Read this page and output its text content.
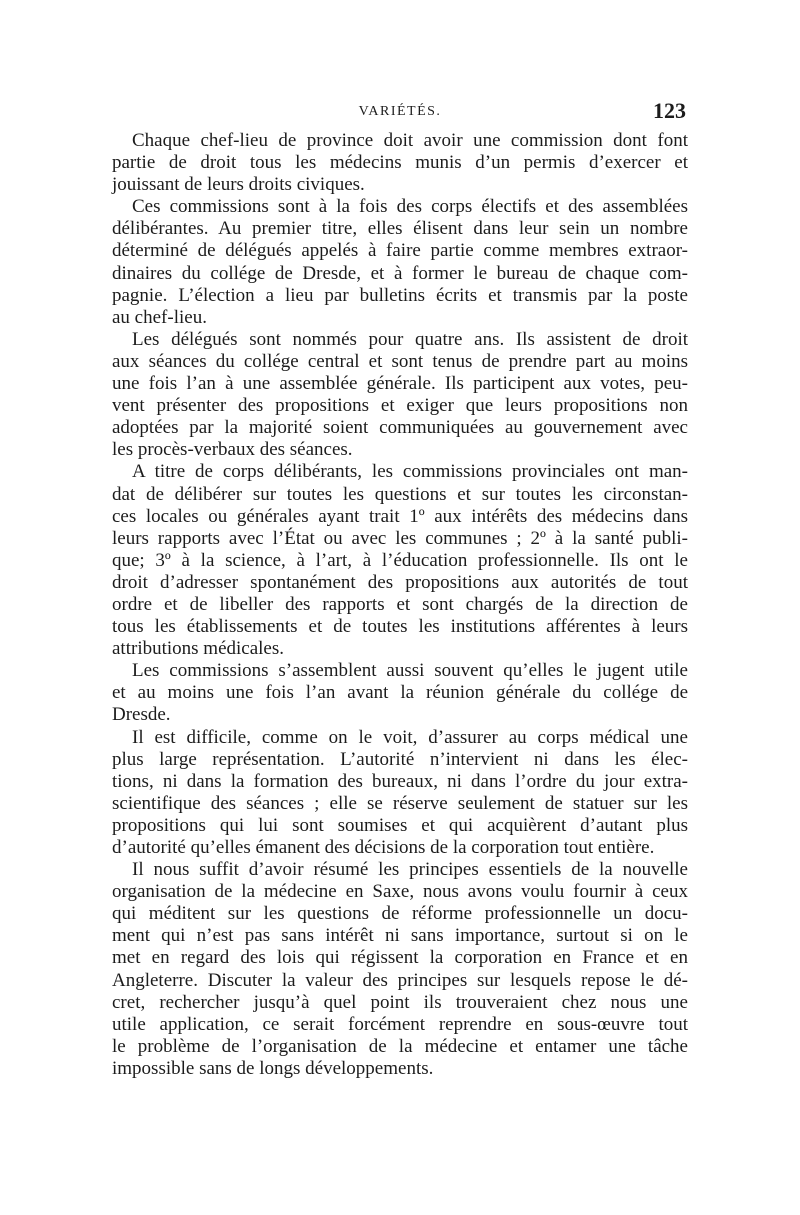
VARIÉTÉS.	123

Chaque chef-lieu de province doit avoir une commission dont font
partie de droit tous les médecins munis d’un permis d’exercer et
jouissant de leurs droits civiques.

Ces commissions sont à la fois des corps électifs et des assemblées
délibérantes. Au premier titre, elles élisent dans leur sein un nombre
déterminé de délégués appelés à faire partie comme membres extraor-
dinaires du collége de Dresde, et à former le bureau de chaque com-
pagnie. L’élection a lieu par bulletins écrits et transmis par la poste
au chef-lieu.

Les délégués sont nommés pour quatre ans. Ils assistent de droit
aux séances du collége central et sont tenus de prendre part au moins
une fois l’an à une assemblée générale. Ils participent aux votes, peu-
vent présenter des propositions et exiger que leurs propositions non
adoptées par la majorité soient communiquées au gouvernement avec
les procès-verbaux des séances.

A titre de corps délibérants, les commissions provinciales ont man-
dat de délibérer sur toutes les questions et sur toutes les circonstan-
ces locales ou générales ayant trait 1º aux intérêts des médecins dans
leurs rapports avec l’État ou avec les communes ; 2º à la santé publi-
que; 3º à la science, à l’art, à l’éducation professionnelle. Ils ont le
droit d’adresser spontanément des propositions aux autorités de tout
ordre et de libeller des rapports et sont chargés de la direction de
tous les établissements et de toutes les institutions afférentes à leurs
attributions médicales.

Les commissions s’assemblent aussi souvent qu’elles le jugent utile
et au moins une fois l’an avant la réunion générale du collége de
Dresde.

Il est difficile, comme on le voit, d’assurer au corps médical une
plus large représentation. L’autorité n’intervient ni dans les élec-
tions, ni dans la formation des bureaux, ni dans l’ordre du jour extra-
scientifique des séances ; elle se réserve seulement de statuer sur les
propositions qui lui sont soumises et qui acquièrent d’autant plus
d’autorité qu’elles émanent des décisions de la corporation tout entière.

Il nous suffit d’avoir résumé les principes essentiels de la nouvelle
organisation de la médecine en Saxe, nous avons voulu fournir à ceux
qui méditent sur les questions de réforme professionnelle un docu-
ment qui n’est pas sans intérêt ni sans importance, surtout si on le
met en regard des lois qui régissent la corporation en France et en
Angleterre. Discuter la valeur des principes sur lesquels repose le dé-
cret, rechercher jusqu’à quel point ils trouveraient chez nous une
utile application, ce serait forcément reprendre en sous-œuvre tout
le problème de l’organisation de la médecine et entamer une tâche
impossible sans de longs développements.
